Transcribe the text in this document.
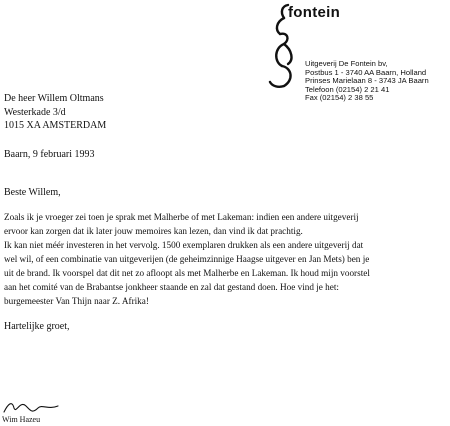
fontein
Uitgeverij De Fontein bv,
Postbus 1 - 3740 AA Baarn, Holland
Prinses Marielaan 8 - 3743 JA Baarn
Telefoon (02154) 2 21 41
Fax (02154) 2 38 55
De heer Willem Oltmans
Westerkade 3/d
1015 XA AMSTERDAM
Baarn, 9 februari 1993
Beste Willem,
Zoals ik je vroeger zei toen je sprak met Malherbe of met Lakeman: indien een andere uitgeverij
ervoor kan zorgen dat ik later jouw memoires kan lezen, dan vind ik dat prachtig.
Ik kan niet méér investeren in het vervolg. 1500 exemplaren drukken als een andere uitgeverij dat
wel wil, of een combinatie van uitgeverijen (de geheimzinnige Haagse uitgever en Jan Mets) ben je
uit de brand. Ik voorspel dat dit net zo afloopt als met Malherbe en Lakeman. Ik houd mijn voorstel
aan het comité van de Brabantse jonkheer staande en zal dat gestand doen. Hoe vind je het:
burgemeester Van Thijn naar Z. Afrika!
Hartelijke groet,
Wim Hazeu
